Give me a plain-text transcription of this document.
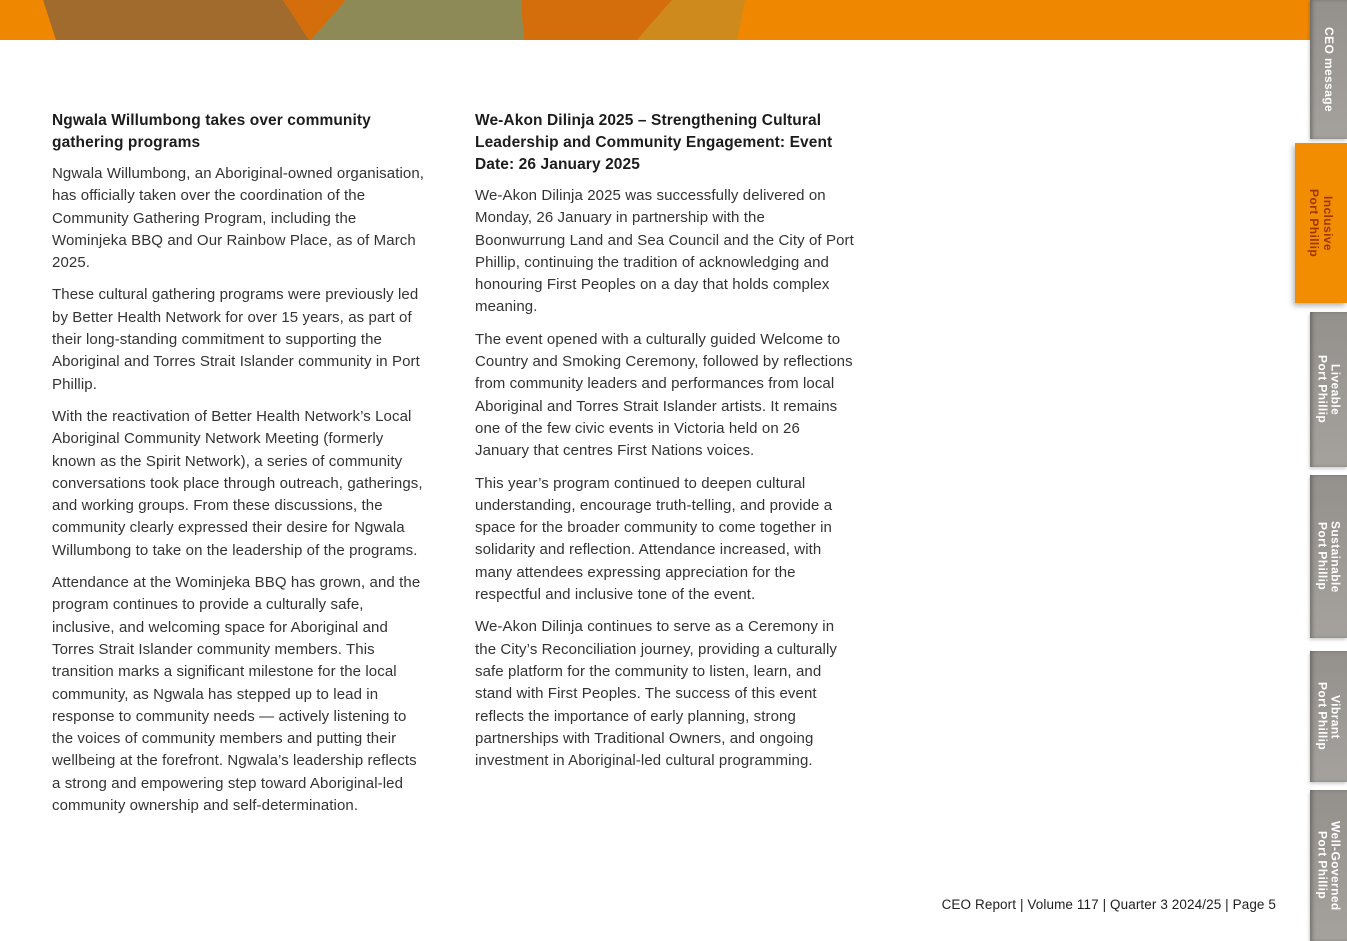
Ngwala Willumbong takes over community gathering programs

Ngwala Willumbong, an Aboriginal-owned organisation, has officially taken over the coordination of the Community Gathering Program, including the Wominjeka BBQ and Our Rainbow Place, as of March 2025.

These cultural gathering programs were previously led by Better Health Network for over 15 years, as part of their long-standing commitment to supporting the Aboriginal and Torres Strait Islander community in Port Phillip.

With the reactivation of Better Health Network’s Local Aboriginal Community Network Meeting (formerly known as the Spirit Network), a series of community conversations took place through outreach, gatherings, and working groups. From these discussions, the community clearly expressed their desire for Ngwala Willumbong to take on the leadership of the programs.

Attendance at the Wominjeka BBQ has grown, and the program continues to provide a culturally safe, inclusive, and welcoming space for Aboriginal and Torres Strait Islander community members. This transition marks a significant milestone for the local community, as Ngwala has stepped up to lead in response to community needs — actively listening to the voices of community members and putting their wellbeing at the forefront. Ngwala’s leadership reflects a strong and empowering step toward Aboriginal-led community ownership and self-determination.

We-Akon Dilinja 2025 – Strengthening Cultural Leadership and Community Engagement: Event Date: 26 January 2025

We-Akon Dilinja 2025 was successfully delivered on Monday, 26 January in partnership with the Boonwurrung Land and Sea Council and the City of Port Phillip, continuing the tradition of acknowledging and honouring First Peoples on a day that holds complex meaning.

The event opened with a culturally guided Welcome to Country and Smoking Ceremony, followed by reflections from community leaders and performances from local Aboriginal and Torres Strait Islander artists. It remains one of the few civic events in Victoria held on 26 January that centres First Nations voices.

This year’s program continued to deepen cultural understanding, encourage truth-telling, and provide a space for the broader community to come together in solidarity and reflection. Attendance increased, with many attendees expressing appreciation for the respectful and inclusive tone of the event.

We-Akon Dilinja continues to serve as a Ceremony in the City’s Reconciliation journey, providing a culturally safe platform for the community to listen, learn, and stand with First Peoples. The success of this event reflects the importance of early planning, strong partnerships with Traditional Owners, and ongoing investment in Aboriginal-led cultural programming.

CEO Report | Volume 117 | Quarter 3 2024/25 | Page 5
CEO message
Inclusive
Port Phillip
Liveable
Port Phillip
Sustainable
Port Phillip
Vibrant
Port Phillip
Well-Governed
Port Phillip
